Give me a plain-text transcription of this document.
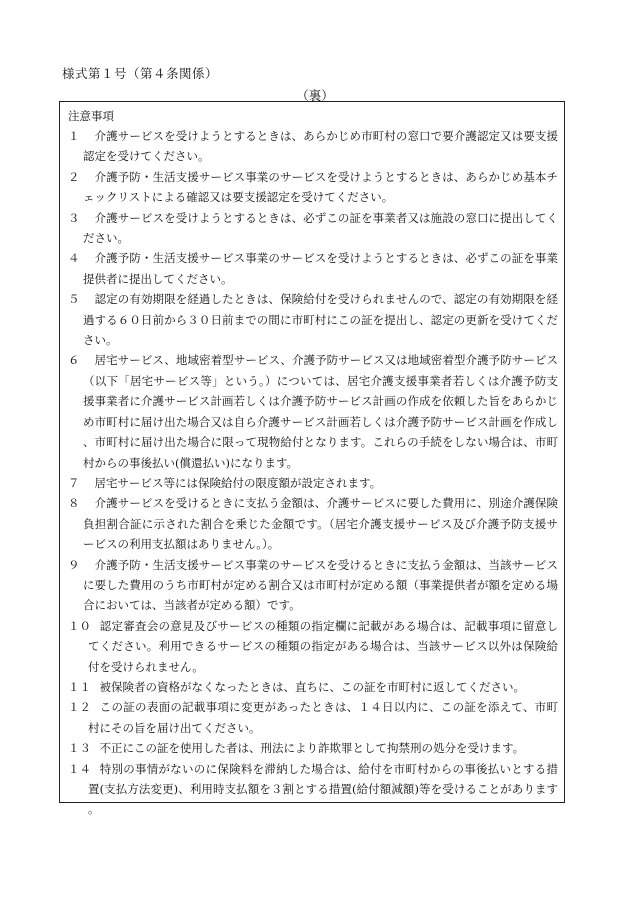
様式第１号（第４条関係）
（裏）
注意事項
１ 　介護サービスを受けようとするときは、あらかじめ市町村の窓口で要介護認定又は要支援認定を受けてください。
２ 　介護予防・生活支援サービス事業のサービスを受けようとするときは、あらかじめ基本チェックリストによる確認又は要支援認定を受けてください。
３ 　介護サービスを受けようとするときは、必ずこの証を事業者又は施設の窓口に提出してください。
４ 　介護予防・生活支援サービス事業のサービスを受けようとするときは、必ずこの証を事業提供者に提出してください。
５ 　認定の有効期限を経過したときは、保険給付を受けられませんので、認定の有効期限を経過する６０日前から３０日前までの間に市町村にこの証を提出し、認定の更新を受けてください。
６ 　居宅サービス、地域密着型サービス、介護予防サービス又は地域密着型介護予防サービス（以下「居宅サービス等」という。）については、居宅介護支援事業者若しくは介護予防支援事業者に介護サービス計画若しくは介護予防サービス計画の作成を依頼した旨をあらかじめ市町村に届け出た場合又は自ら介護サービス計画若しくは介護予防サービス計画を作成し、市町村に届け出た場合に限って現物給付となります。これらの手続をしない場合は、市町村からの事後払い(償還払い)になります。
７ 　居宅サービス等には保険給付の限度額が設定されます。
８ 　介護サービスを受けるときに支払う金額は、介護サービスに要した費用に、別途介護保険負担割合証に示された割合を乗じた金額です。（居宅介護支援サービス及び介護予防支援サービスの利用支払額はありません。）。
９ 　介護予防・生活支援サービス事業のサービスを受けるときに支払う金額は、当該サービスに要した費用のうち市町村が定める割合又は市町村が定める額（事業提供者が額を定める場合においては、当該者が定める額）です。
１０
　認定審査会の意見及びサービスの種類の指定欄に記載がある場合は、記載事項に留意してください。利用できるサービスの種類の指定がある場合は、当該サービス以外は保険給付を受けられません。
１１
　被保険者の資格がなくなったときは、直ちに、この証を市町村に返してください。
１２
　この証の表面の記載事項に変更があったときは、１４日以内に、この証を添えて、市町村にその旨を届け出てください。
１３
　不正にこの証を使用した者は、刑法により詐欺罪として拘禁刑の処分を受けます。
１４
　特別の事情がないのに保険料を滞納した場合は、給付を市町村からの事後払いとする措置(支払方法変更)、利用時支払額を３割とする措置(給付額減額)等を受けることがあります。
